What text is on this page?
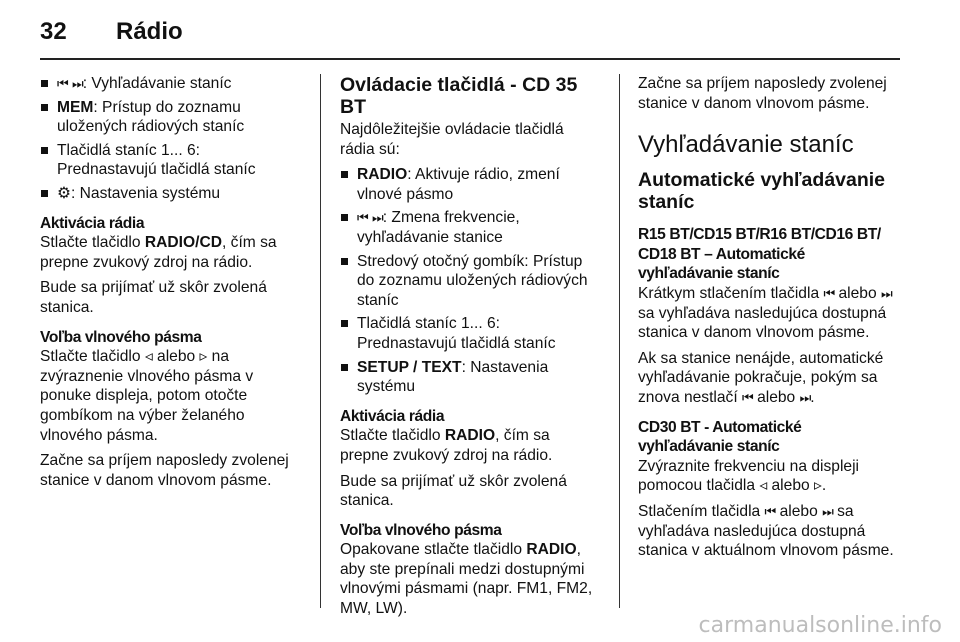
32 Rádio
⏮ ⏭: Vyhľadávanie staníc
MEM: Prístup do zoznamu uložených rádiových staníc
Tlačidlá staníc 1... 6: Prednastavujú tlačidlá staníc
⚙: Nastavenia systému

Aktivácia rádia

Stlačte tlačidlo RADIO/CD, čím sa prepne zvukový zdroj na rádio.

Bude sa prijímať už skôr zvolená stanica.

Voľba vlnového pásma

Stlačte tlačidlo ◃ alebo ▹ na zvýraznenie vlnového pásma v ponuke displeja, potom otočte gombíkom na výber želaného vlnového pásma.

Začne sa príjem naposledy zvolenej stanice v danom vlnovom pásme.

Ovládacie tlačidlá - CD 35 BT

Najdôležitejšie ovládacie tlačidlá rádia sú:

RADIO: Aktivuje rádio, zmení vlnové pásmo
⏮ ⏭: Zmena frekvencie, vyhľadávanie stanice
Stredový otočný gombík: Prístup do zoznamu uložených rádiových staníc
Tlačidlá staníc 1... 6: Prednastavujú tlačidlá staníc
SETUP / TEXT: Nastavenia systému

Aktivácia rádia

Stlačte tlačidlo RADIO, čím sa prepne zvukový zdroj na rádio.

Bude sa prijímať už skôr zvolená stanica.

Voľba vlnového pásma

Opakovane stlačte tlačidlo RADIO, aby ste prepínali medzi dostupnými vlnovými pásmami (napr. FM1, FM2, MW, LW).

Začne sa príjem naposledy zvolenej stanice v danom vlnovom pásme.

Vyhľadávanie staníc

Automatické vyhľadávanie staníc

R15 BT/CD15 BT/R16 BT/CD16 BT/ CD18 BT – Automatické vyhľadávanie staníc

Krátkym stlačením tlačidla ⏮ alebo ⏭ sa vyhľadáva nasledujúca dostupná stanica v danom vlnovom pásme.

Ak sa stanice nenájde, automatické vyhľadávanie pokračuje, pokým sa znova nestlačí ⏮ alebo ⏭.

CD30 BT - Automatické vyhľadávanie staníc

Zvýraznite frekvenciu na displeji pomocou tlačidla ◃ alebo ▹.

Stlačením tlačidla ⏮ alebo ⏭ sa vyhľadáva nasledujúca dostupná stanica v aktuálnom vlnovom pásme.

carmanualsonline.info
